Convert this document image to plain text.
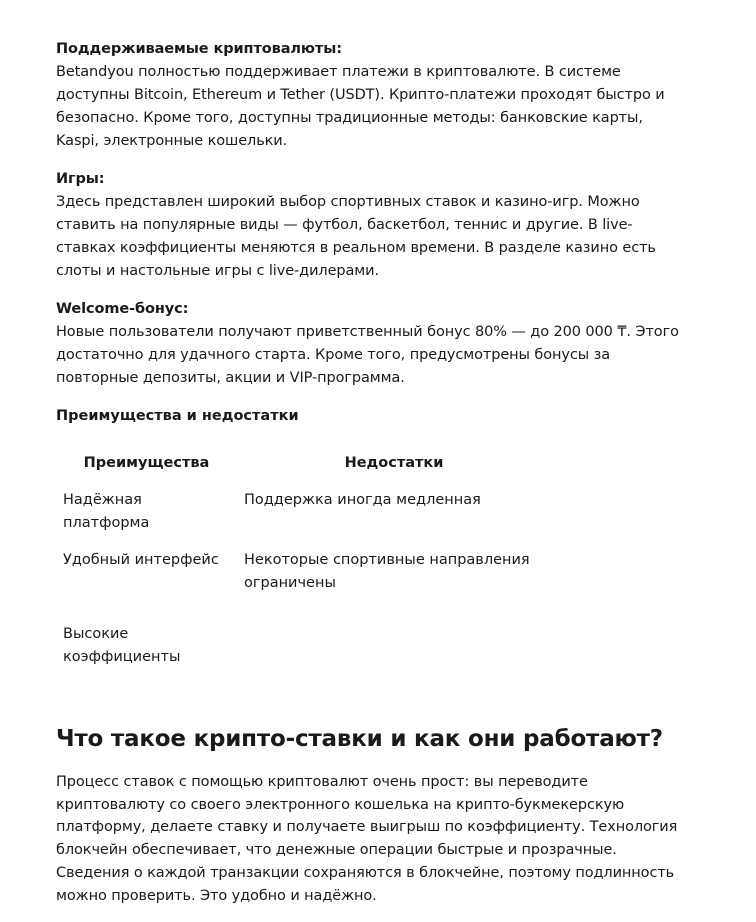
Поддерживаемые криптовалюты:
Betandyou полностью поддерживает платежи в криптовалюте. В системе доступны Bitcoin, Ethereum и Tether (USDT). Крипто-платежи проходят быстро и безопасно. Кроме того, доступны традиционные методы: банковские карты, Kaspi, электронные кошельки.

Игры:
Здесь представлен широкий выбор спортивных ставок и казино-игр. Можно ставить на популярные виды — футбол, баскетбол, теннис и другие. В live-ставках коэффициенты меняются в реальном времени. В разделе казино есть слоты и настольные игры с live-дилерами.

Welcome-бонус:
Новые пользователи получают приветственный бонус 80% — до 200 000 ₸. Этого достаточно для удачного старта. Кроме того, предусмотрены бонусы за повторные депозиты, акции и VIP-программа.

Преимущества и недостатки
Преимущества	Недостатки
Надёжная платформа	Поддержка иногда медленная
Удобный интерфейс	Некоторые спортивные направления ограничены
Высокие коэффициенты	
Что такое крипто-ставки и как они работают?

Процесс ставок с помощью криптовалют очень прост: вы переводите криптовалюту со своего электронного кошелька на крипто-букмекерскую платформу, делаете ставку и получаете выигрыш по коэффициенту. Технология блокчейн обеспечивает, что денежные операции быстрые и прозрачные. Сведения о каждой транзакции сохраняются в блокчейне, поэтому подлинность можно проверить. Это удобно и надёжно.
